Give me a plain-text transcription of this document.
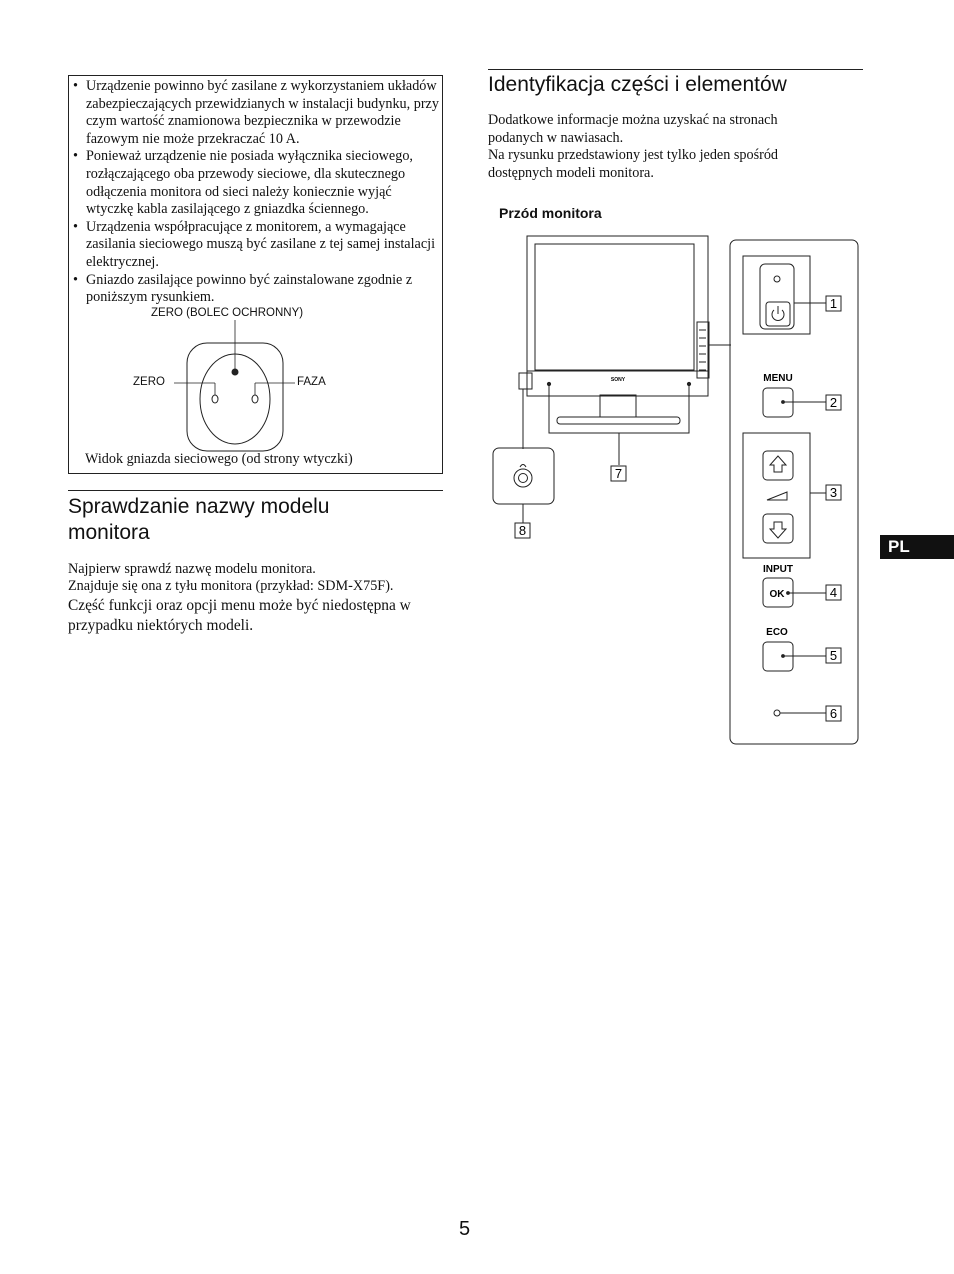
• Urządzenie powinno być zasilane z wykorzystaniem układów zabezpieczających przewidzianych w instalacji budynku, przy czym wartość znamionowa bezpiecznika w przewodzie fazowym nie może przekraczać 10 A.
• Ponieważ urządzenie nie posiada wyłącznika sieciowego, rozłączającego oba przewody sieciowe, dla skutecznego odłączenia monitora od sieci należy koniecznie wyjąć wtyczkę kabla zasilającego z gniazdka ściennego.
• Urządzenia współpracujące z monitorem, a wymagające zasilania sieciowego muszą być zasilane z tej samej instalacji elektrycznej.
• Gniazdo zasilające powinno być zainstalowane zgodnie z poniższym rysunkiem.
ZERO (BOLEC OCHRONNY)
ZERO	FAZA
Widok gniazda sieciowego (od strony wtyczki)
Sprawdzanie nazwy modelu monitora

Najpierw sprawdź nazwę modelu monitora.

Znajduje się ona z tyłu monitora (przykład: SDM-X75F).

Część funkcji oraz opcji menu może być niedostępna w przypadku niektórych modeli.

Identyfikacja części i elementów

Dodatkowe informacje można uzyskać na stronach podanych w nawiasach.

Na rysunku przedstawiony jest tylko jeden spośród dostępnych modeli monitora.

Przód monitora
SONY	MENU
INPUT
OK
ECO
1
2
3
4
5
6
7
8
PL
5
